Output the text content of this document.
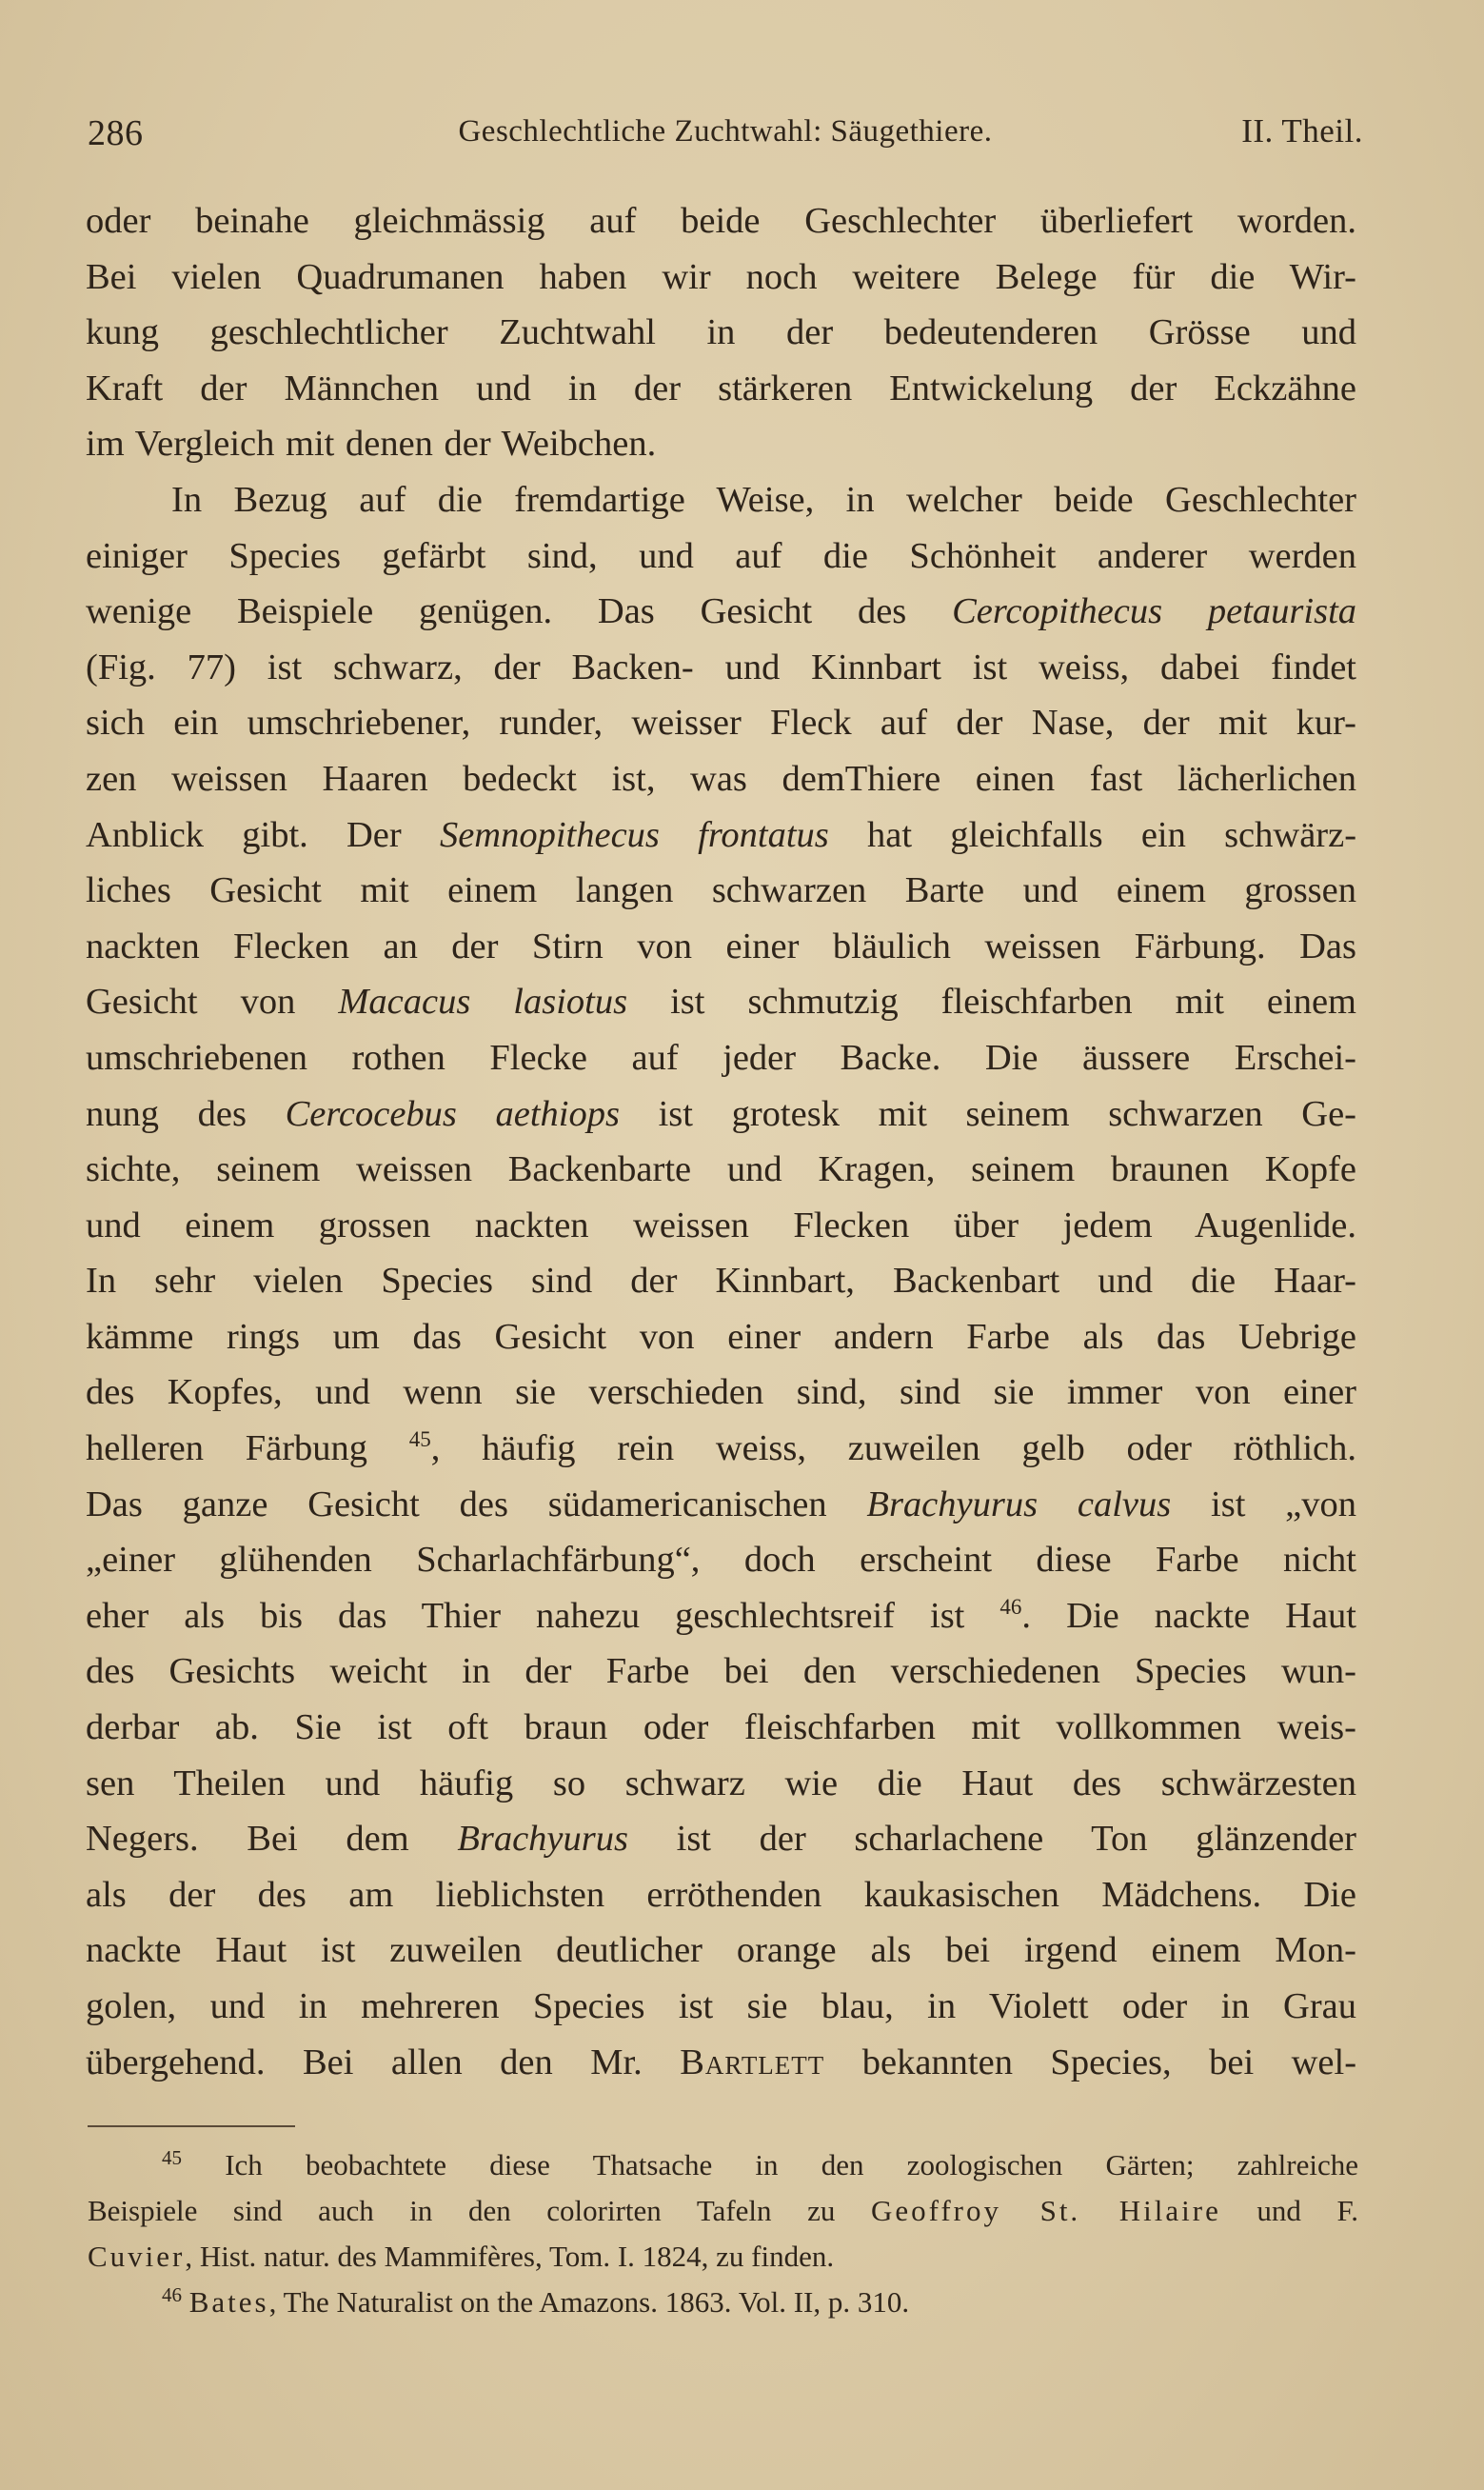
286	Geschlechtliche Zuchtwahl: Säugethiere.	II. Theil.
oder beinahe gleichmässig auf beide Geschlechter überliefert worden.
Bei vielen Quadrumanen haben wir noch weitere Belege für die Wir-
kung geschlechtlicher Zuchtwahl in der bedeutenderen Grösse und
Kraft der Männchen und in der stärkeren Entwickelung der Eckzähne
im Vergleich mit denen der Weibchen.
In Bezug auf die fremdartige Weise, in welcher beide Geschlechter
einiger Species gefärbt sind, und auf die Schönheit anderer werden
wenige Beispiele genügen. Das Gesicht des Cercopithecus petaurista
(Fig. 77) ist schwarz, der Backen- und Kinnbart ist weiss, dabei findet
sich ein umschriebener, runder, weisser Fleck auf der Nase, der mit kur-
zen weissen Haaren bedeckt ist, was demThiere einen fast lächerlichen
Anblick gibt. Der Semnopithecus frontatus hat gleichfalls ein schwärz-
liches Gesicht mit einem langen schwarzen Barte und einem grossen
nackten Flecken an der Stirn von einer bläulich weissen Färbung. Das
Gesicht von Macacus lasiotus ist schmutzig fleischfarben mit einem
umschriebenen rothen Flecke auf jeder Backe. Die äussere Erschei-
nung des Cercocebus aethiops ist grotesk mit seinem schwarzen Ge-
sichte, seinem weissen Backenbarte und Kragen, seinem braunen Kopfe
und einem grossen nackten weissen Flecken über jedem Augenlide.
In sehr vielen Species sind der Kinnbart, Backenbart und die Haar-
kämme rings um das Gesicht von einer andern Farbe als das Uebrige
des Kopfes, und wenn sie verschieden sind, sind sie immer von einer
helleren Färbung $^{45}$, häufig rein weiss, zuweilen gelb oder röthlich.
Das ganze Gesicht des südamericanischen Brachyurus calvus ist „von
„einer glühenden Scharlachfärbung“, doch erscheint diese Farbe nicht
eher als bis das Thier nahezu geschlechtsreif ist $^{46}$. Die nackte Haut
des Gesichts weicht in der Farbe bei den verschiedenen Species wun-
derbar ab. Sie ist oft braun oder fleischfarben mit vollkommen weis-
sen Theilen und häufig so schwarz wie die Haut des schwärzesten
Negers. Bei dem Brachyurus ist der scharlachene Ton glänzender
als der des am lieblichsten erröthenden kaukasischen Mädchens. Die
nackte Haut ist zuweilen deutlicher orange als bei irgend einem Mon-
golen, und in mehreren Species ist sie blau, in Violett oder in Grau
übergehend. Bei allen den Mr. Bartlett bekannten Species, bei wel-
$^{45}$ Ich beobachtete diese Thatsache in den zoologischen Gärten; zahlreiche
Beispiele sind auch in den colorirten Tafeln zu Geoffroy St. Hilaire und F.
Cuvier, Hist. natur. des Mammifères, Tom. I. 1824, zu finden.
$^{46}$ Bates, The Naturalist on the Amazons. 1863. Vol. II, p. 310.
